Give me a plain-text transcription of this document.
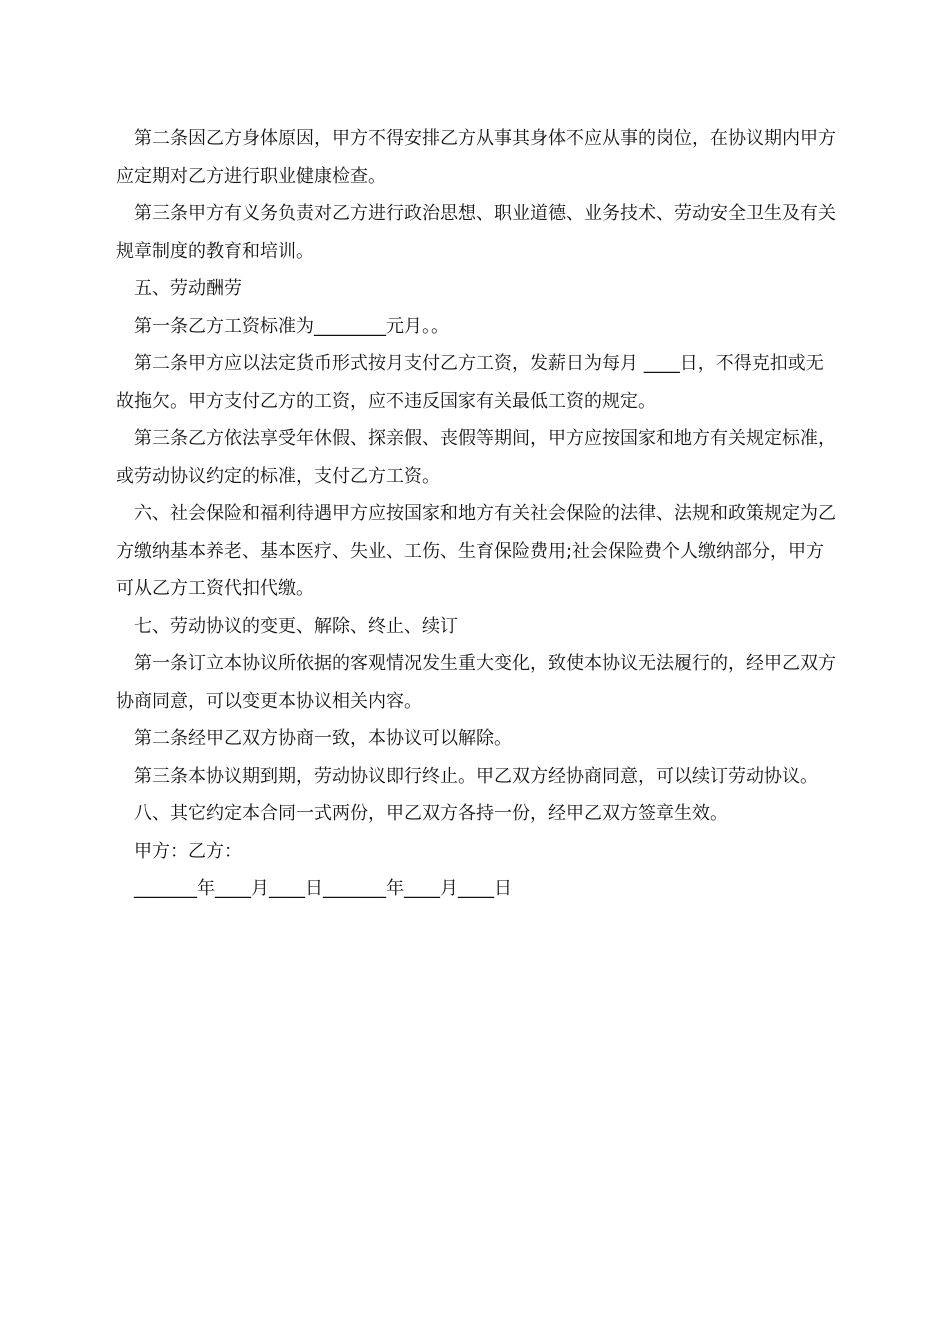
第二条因乙方身体原因，甲方不得安排乙方从事其身体不应从事的岗位，在协议期内甲方应定期对乙方进行职业健康检查。

第三条甲方有义务负责对乙方进行政治思想、职业道德、业务技术、劳动安全卫生及有关规章制度的教育和培训。

五、劳动酬劳

第一条乙方工资标准为________元月。。

第二条甲方应以法定货币形式按月支付乙方工资，发薪日为每月 ____日，不得克扣或无故拖欠。甲方支付乙方的工资，应不违反国家有关最低工资的规定。

第三条乙方依法享受年休假、探亲假、丧假等期间，甲方应按国家和地方有关规定标准，或劳动协议约定的标准，支付乙方工资。

六、社会保险和福利待遇甲方应按国家和地方有关社会保险的法律、法规和政策规定为乙方缴纳基本养老、基本医疗、失业、工伤、生育保险费用;社会保险费个人缴纳部分，甲方可从乙方工资代扣代缴。

七、劳动协议的变更、解除、终止、续订

第一条订立本协议所依据的客观情况发生重大变化，致使本协议无法履行的，经甲乙双方协商同意，可以变更本协议相关内容。

第二条经甲乙双方协商一致，本协议可以解除。

第三条本协议期到期，劳动协议即行终止。甲乙双方经协商同意，可以续订劳动协议。

八、其它约定本合同一式两份，甲乙双方各持一份，经甲乙双方签章生效。

甲方：乙方：

_______年____月____日_______年____月____日
